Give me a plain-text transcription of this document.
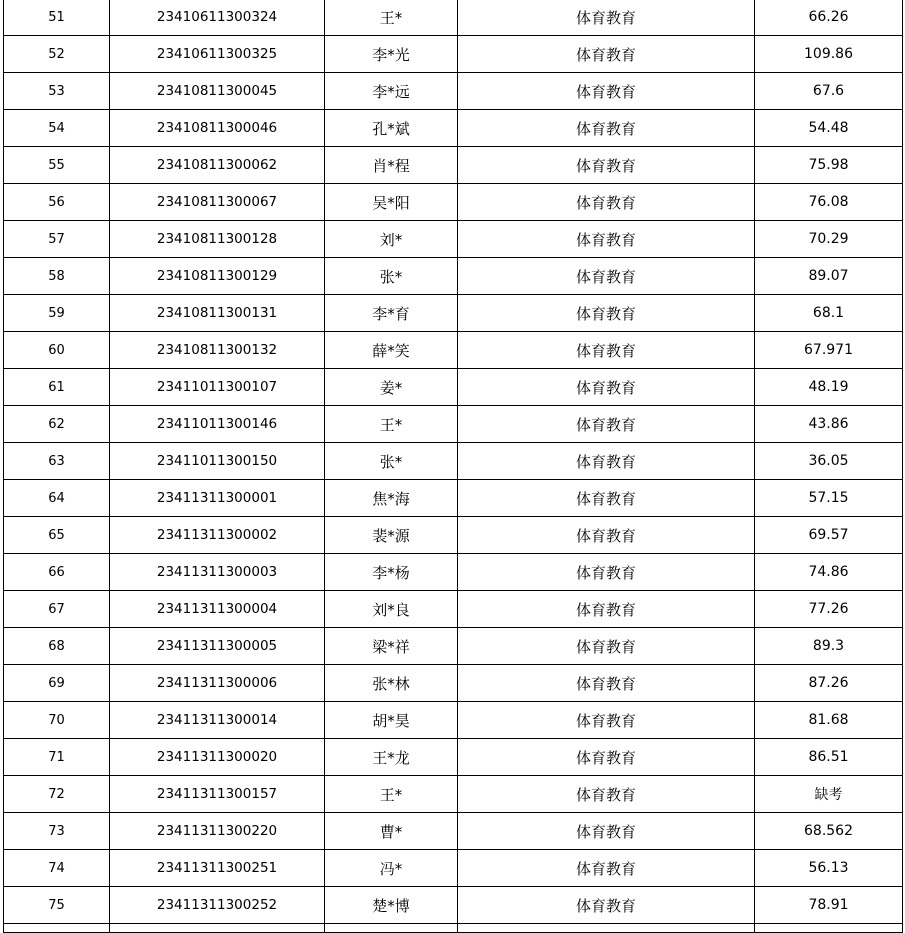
51	23410611300324	王*	体育教育	66.26
52	23410611300325	李*光	体育教育	109.86
53	23410811300045	李*远	体育教育	67.6
54	23410811300046	孔*斌	体育教育	54.48
55	23410811300062	肖*程	体育教育	75.98
56	23410811300067	吴*阳	体育教育	76.08
57	23410811300128	刘*	体育教育	70.29
58	23410811300129	张*	体育教育	89.07
59	23410811300131	李*育	体育教育	68.1
60	23410811300132	薛*笑	体育教育	67.971
61	23411011300107	姜*	体育教育	48.19
62	23411011300146	王*	体育教育	43.86
63	23411011300150	张*	体育教育	36.05
64	23411311300001	焦*海	体育教育	57.15
65	23411311300002	裴*源	体育教育	69.57
66	23411311300003	李*杨	体育教育	74.86
67	23411311300004	刘*良	体育教育	77.26
68	23411311300005	梁*祥	体育教育	89.3
69	23411311300006	张*林	体育教育	87.26
70	23411311300014	胡*昊	体育教育	81.68
71	23411311300020	王*龙	体育教育	86.51
72	23411311300157	王*	体育教育	缺考
73	23411311300220	曹*	体育教育	68.562
74	23411311300251	冯*	体育教育	56.13
75	23411311300252	楚*博	体育教育	78.91
